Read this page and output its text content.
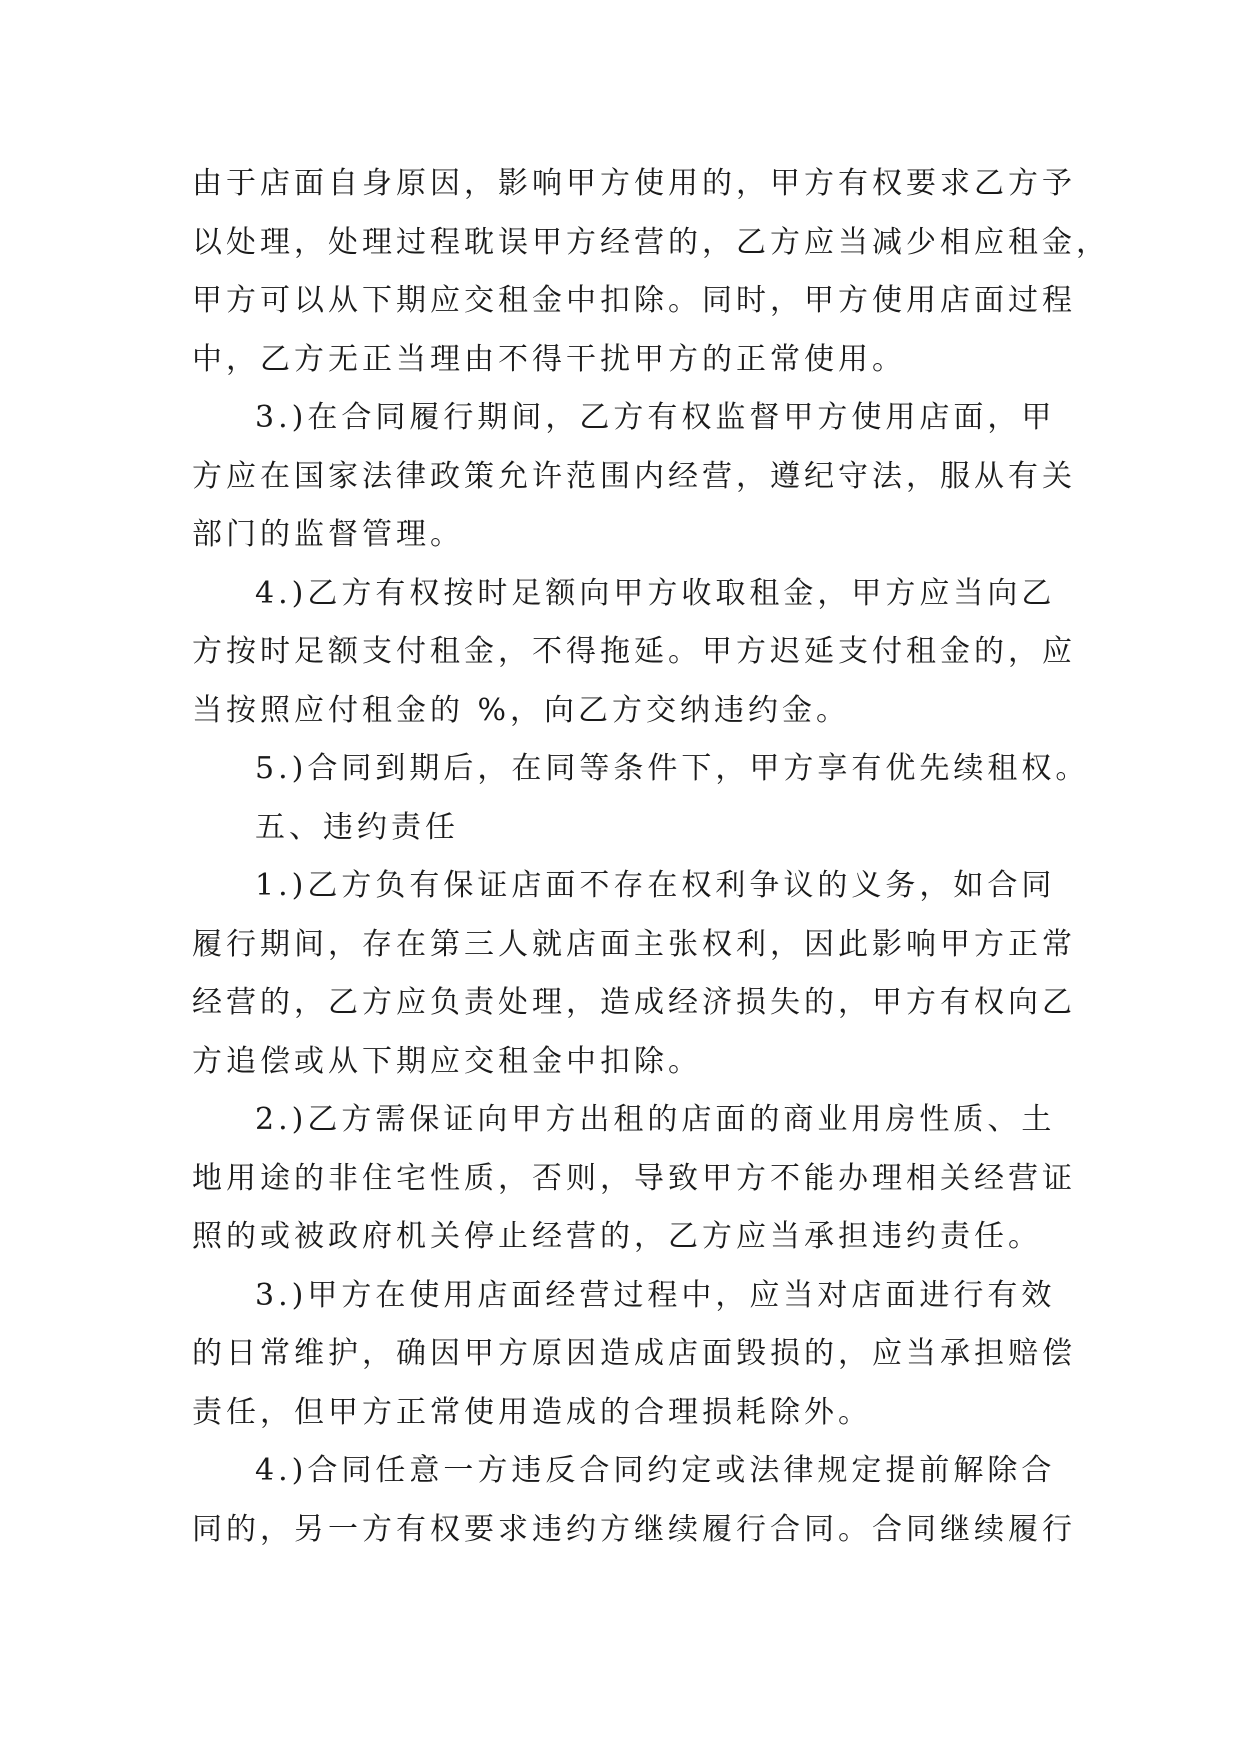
由于店面自身原因，影响甲方使用的，甲方有权要求乙方予
以处理，处理过程耽误甲方经营的，乙方应当减少相应租金，
甲方可以从下期应交租金中扣除。同时，甲方使用店面过程
中，乙方无正当理由不得干扰甲方的正常使用。
3.)在合同履行期间，乙方有权监督甲方使用店面，甲
方应在国家法律政策允许范围内经营，遵纪守法，服从有关
部门的监督管理。
4.)乙方有权按时足额向甲方收取租金，甲方应当向乙
方按时足额支付租金，不得拖延。甲方迟延支付租金的，应
当按照应付租金的 %，向乙方交纳违约金。
5.)合同到期后，在同等条件下，甲方享有优先续租权。
五、违约责任
1.)乙方负有保证店面不存在权利争议的义务，如合同
履行期间，存在第三人就店面主张权利，因此影响甲方正常
经营的，乙方应负责处理，造成经济损失的，甲方有权向乙
方追偿或从下期应交租金中扣除。
2.)乙方需保证向甲方出租的店面的商业用房性质、土
地用途的非住宅性质，否则，导致甲方不能办理相关经营证
照的或被政府机关停止经营的，乙方应当承担违约责任。
3.)甲方在使用店面经营过程中，应当对店面进行有效
的日常维护，确因甲方原因造成店面毁损的，应当承担赔偿
责任，但甲方正常使用造成的合理损耗除外。
4.)合同任意一方违反合同约定或法律规定提前解除合
同的，另一方有权要求违约方继续履行合同。合同继续履行
